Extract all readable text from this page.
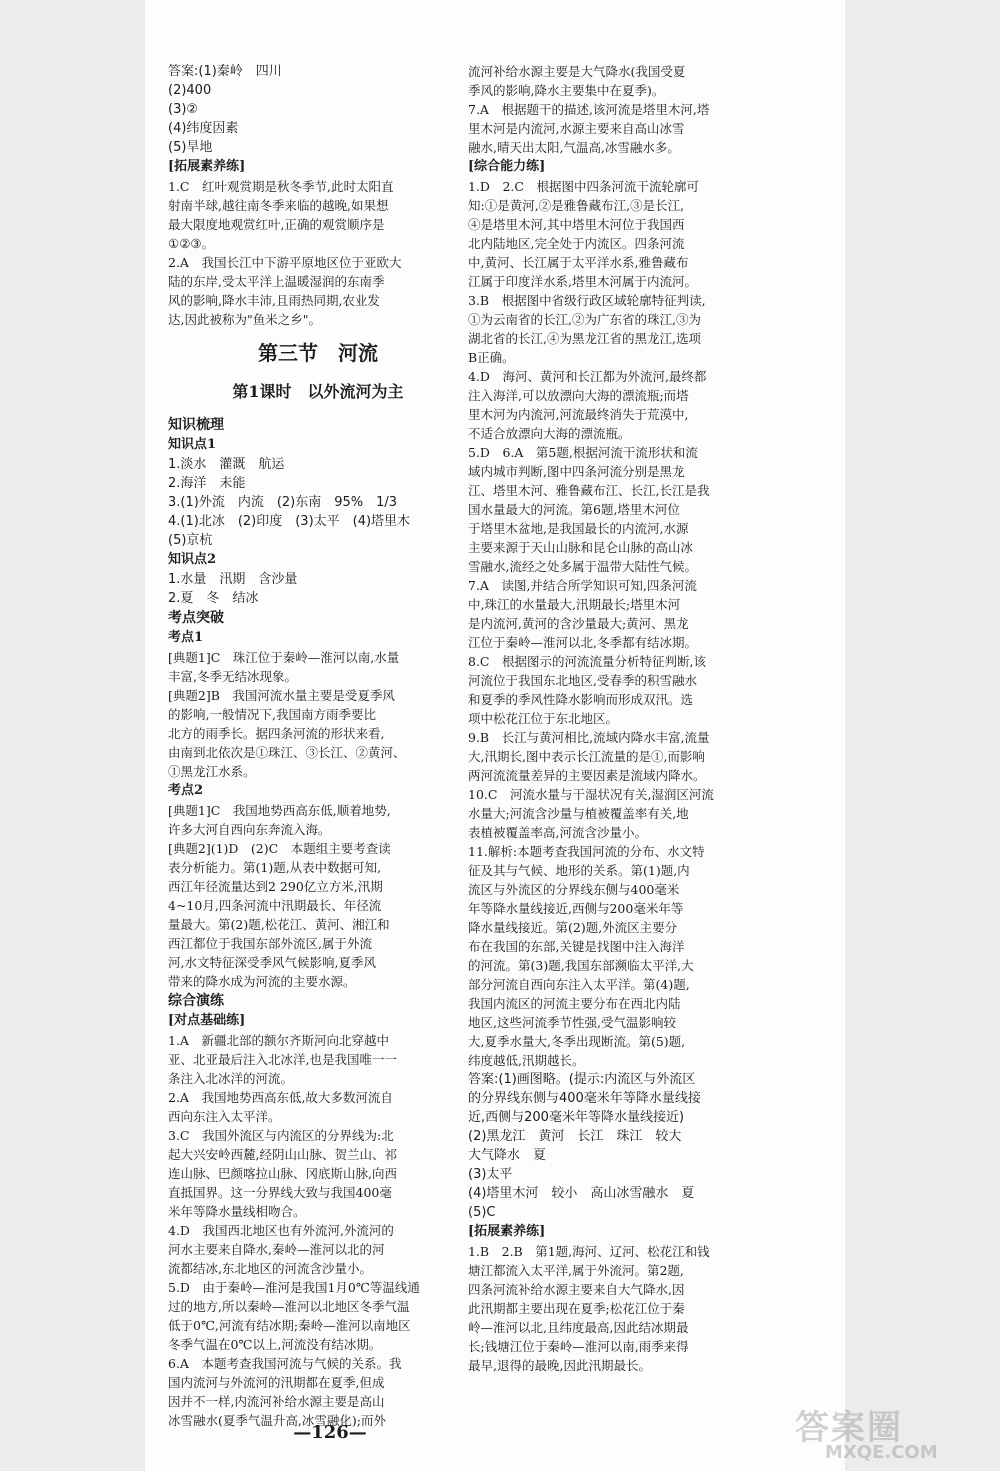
答案:(1)秦岭　四川
(2)400
(3)②
(4)纬度因素
(5)旱地
[拓展素养练]
1.C　红叶观赏期是秋冬季节,此时太阳直
射南半球,越往南冬季来临的越晚,如果想
最大限度地观赏红叶,正确的观赏顺序是
①②③。
2.A　我国长江中下游平原地区位于亚欧大
陆的东岸,受太平洋上温暖湿润的东南季
风的影响,降水丰沛,且雨热同期,农业发
达,因此被称为"鱼米之乡"。
第三节　河流
第1课时　以外流河为主
知识梳理
知识点1
1.淡水　灌溉　航运
2.海洋　未能
3.(1)外流　内流　(2)东南　95%　1/3
4.(1)北冰　(2)印度　(3)太平　(4)塔里木
(5)京杭
知识点2
1.水量　汛期　含沙量
2.夏　冬　结冰
考点突破
考点1
[典题1]C　珠江位于秦岭—淮河以南,水量
丰富,冬季无结冰现象。
[典题2]B　我国河流水量主要是受夏季风
的影响,一般情况下,我国南方雨季要比
北方的雨季长。据四条河流的形状来看,
由南到北依次是①珠江、③长江、②黄河、
①黑龙江水系。
考点2
[典题1]C　我国地势西高东低,顺着地势,
许多大河自西向东奔流入海。
[典题2](1)D　(2)C　本题组主要考查读
表分析能力。第(1)题,从表中数据可知,
西江年径流量达到2 290亿立方米,汛期
4~10月,四条河流中汛期最长、年径流
量最大。第(2)题,松花江、黄河、湘江和
西江都位于我国东部外流区,属于外流
河,水文特征深受季风气候影响,夏季风
带来的降水成为河流的主要水源。
综合演练
[对点基础练]
1.A　新疆北部的额尔齐斯河向北穿越中
亚、北亚最后注入北冰洋,也是我国唯一一
条注入北冰洋的河流。
2.A　我国地势西高东低,故大多数河流自
西向东注入太平洋。
3.C　我国外流区与内流区的分界线为:北
起大兴安岭西麓,经阴山山脉、贺兰山、祁
连山脉、巴颜喀拉山脉、冈底斯山脉,向西
直抵国界。这一分界线大致与我国400毫
米年等降水量线相吻合。
4.D　我国西北地区也有外流河,外流河的
河水主要来自降水,秦岭—淮河以北的河
流都结冰,东北地区的河流含沙量小。
5.D　由于秦岭—淮河是我国1月0℃等温线通
过的地方,所以秦岭—淮河以北地区冬季气温
低于0℃,河流有结冰期;秦岭—淮河以南地区
冬季气温在0℃以上,河流没有结冰期。
6.A　本题考查我国河流与气候的关系。我
国内流河与外流河的汛期都在夏季,但成
因并不一样,内流河补给水源主要是高山
冰雪融水(夏季气温升高,冰雪融化);而外
流河补给水源主要是大气降水(我国受夏
季风的影响,降水主要集中在夏季)。
7.A　根据题干的描述,该河流是塔里木河,塔
里木河是内流河,水源主要来自高山冰雪
融水,晴天出太阳,气温高,冰雪融水多。
[综合能力练]
1.D　2.C　根据图中四条河流干流轮廓可
知:①是黄河,②是雅鲁藏布江,③是长江,
④是塔里木河,其中塔里木河位于我国西
北内陆地区,完全处于内流区。四条河流
中,黄河、长江属于太平洋水系,雅鲁藏布
江属于印度洋水系,塔里木河属于内流河。
3.B　根据图中省级行政区域轮廓特征判读,
①为云南省的长江,②为广东省的珠江,③为
湖北省的长江,④为黑龙江省的黑龙江,选项
B正确。
4.D　海河、黄河和长江都为外流河,最终都
注入海洋,可以放漂向大海的漂流瓶;而塔
里木河为内流河,河流最终消失于荒漠中,
不适合放漂向大海的漂流瓶。
5.D　6.A　第5题,根据河流干流形状和流
域内城市判断,图中四条河流分别是黑龙
江、塔里木河、雅鲁藏布江、长江,长江是我
国水量最大的河流。第6题,塔里木河位
于塔里木盆地,是我国最长的内流河,水源
主要来源于天山山脉和昆仑山脉的高山冰
雪融水,流经之处多属于温带大陆性气候。
7.A　读图,并结合所学知识可知,四条河流
中,珠江的水量最大,汛期最长;塔里木河
是内流河,黄河的含沙量最大;黄河、黑龙
江位于秦岭—淮河以北,冬季都有结冰期。
8.C　根据图示的河流流量分析特征判断,该
河流位于我国东北地区,受春季的积雪融水
和夏季的季风性降水影响而形成双汛。选
项中松花江位于东北地区。
9.B　长江与黄河相比,流域内降水丰富,流量
大,汛期长,图中表示长江流量的是①,而影响
两河流流量差异的主要因素是流域内降水。
10.C　河流水量与干湿状况有关,湿润区河流
水量大;河流含沙量与植被覆盖率有关,地
表植被覆盖率高,河流含沙量小。
11.解析:本题考查我国河流的分布、水文特
征及其与气候、地形的关系。第(1)题,内
流区与外流区的分界线东侧与400毫米
年等降水量线接近,西侧与200毫米年等
降水量线接近。第(2)题,外流区主要分
布在我国的东部,关键是找图中注入海洋
的河流。第(3)题,我国东部濒临太平洋,大
部分河流自西向东注入太平洋。第(4)题,
我国内流区的河流主要分布在西北内陆
地区,这些河流季节性强,受气温影响较
大,夏季水量大,冬季出现断流。第(5)题,
纬度越低,汛期越长。
答案:(1)画图略。(提示:内流区与外流区
的分界线东侧与400毫米年等降水量线接
近,西侧与200毫米年等降水量线接近)
(2)黑龙江　黄河　长江　珠江　较大
大气降水　夏
(3)太平
(4)塔里木河　较小　高山冰雪融水　夏
(5)C
[拓展素养练]
1.B　2.B　第1题,海河、辽河、松花江和钱
塘江都流入太平洋,属于外流河。第2题,
四条河流补给水源主要来自大气降水,因
此汛期都主要出现在夏季;松花江位于秦
岭—淮河以北,且纬度最高,因此结冰期最
长;钱塘江位于秦岭—淮河以南,雨季来得
最早,退得的最晚,因此汛期最长。
—126—	答案圈
MXQE.COM
